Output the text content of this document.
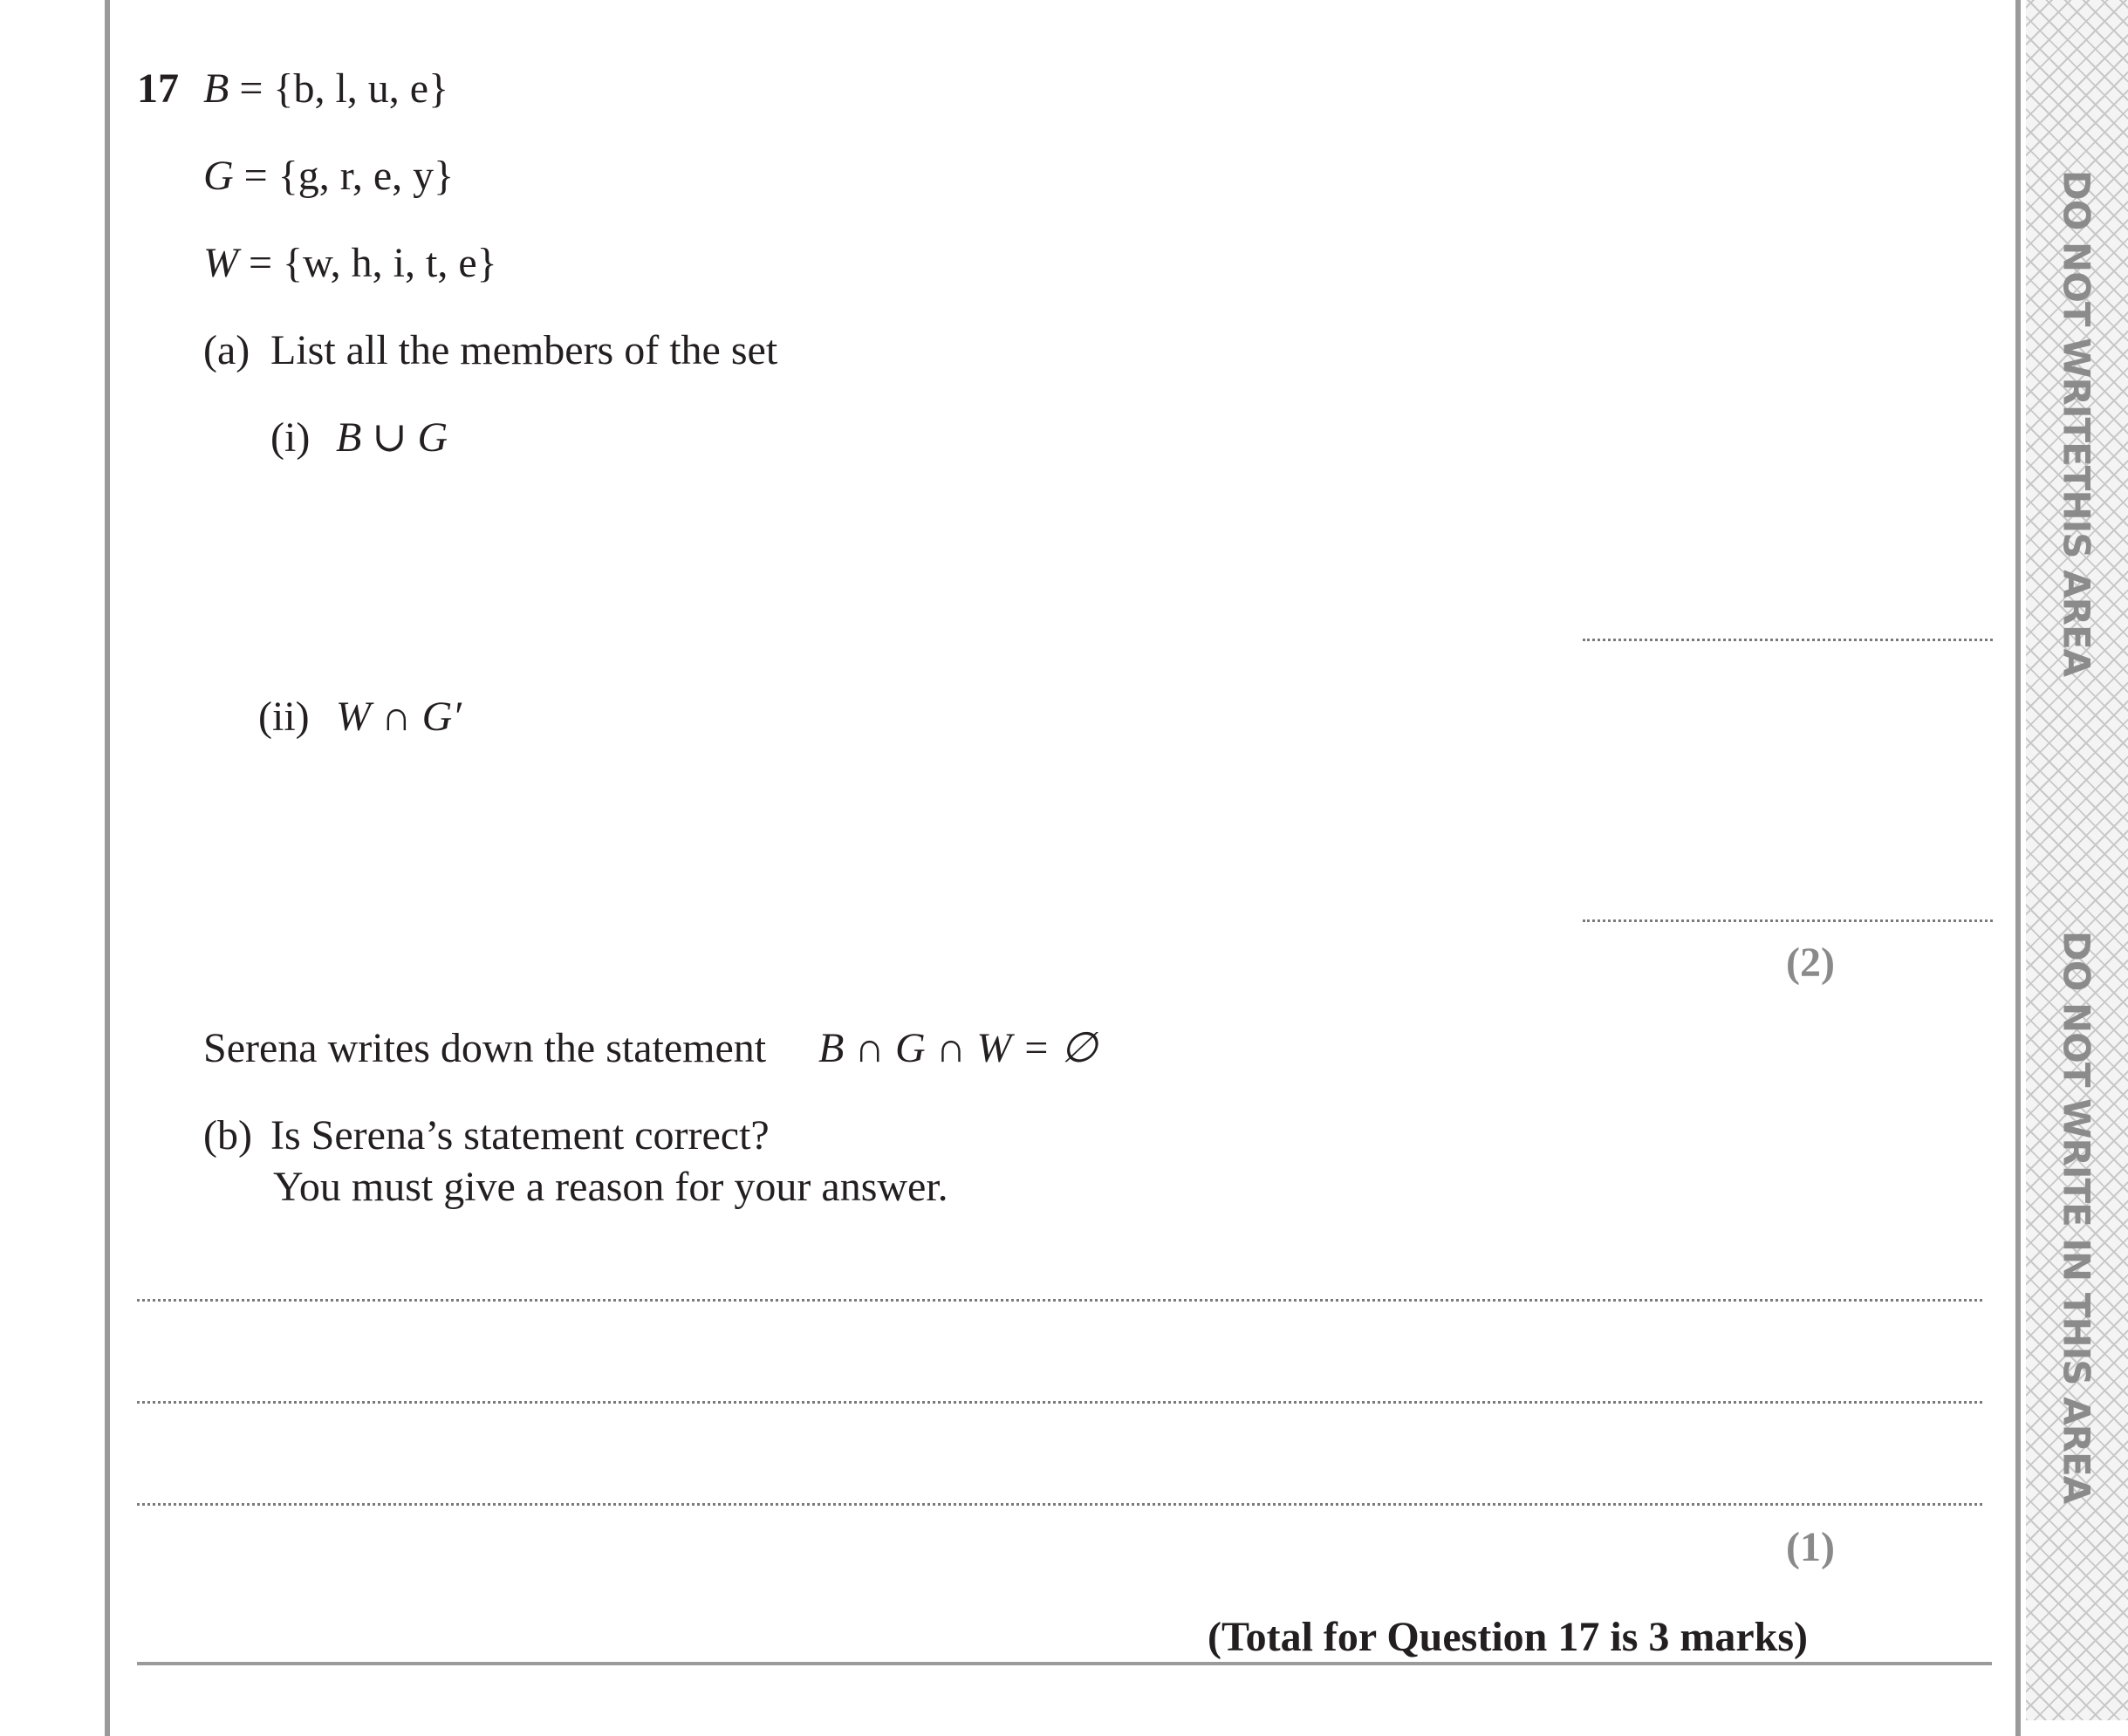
DO NOT WRITETHIS AREA
DO NOT WRITE IN THIS AREA
17 B = {b, l, u, e}
G = {g, r, e, y}
W = {w, h, i, t, e}
(a) List all the members of the set
(i) B ∪ G
(ii) W ∩ G′
(2)
Serena writes down the statement B ∩ G ∩ W = ∅
(b) Is Serena’s statement correct?
You must give a reason for your answer.
(1)
(Total for Question 17 is 3 marks)
